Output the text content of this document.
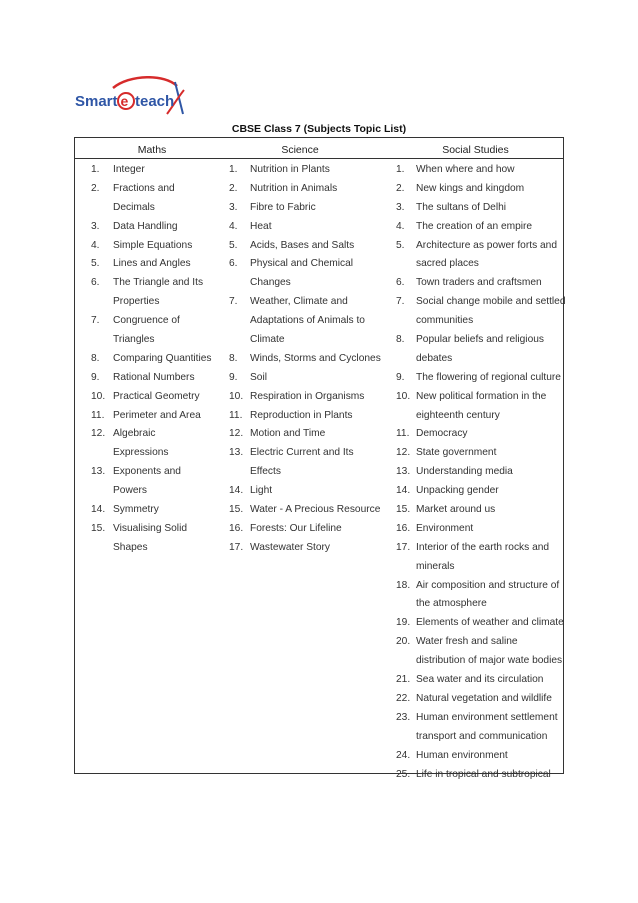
Smart e teach
CBSE Class 7 (Subjects Topic List)
Maths	Science	Social Studies
1. Integer
2. Fractions and
Decimals
3. Data Handling
4. Simple Equations
5. Lines and Angles
6. The Triangle and Its
Properties
7. Congruence of
Triangles
8. Comparing Quantities
9. Rational Numbers
10. Practical Geometry
11. Perimeter and Area
12. Algebraic
Expressions
13. Exponents and
Powers
14. Symmetry
15. Visualising Solid
Shapes
1. Nutrition in Plants
2. Nutrition in Animals
3. Fibre to Fabric
4. Heat
5. Acids, Bases and Salts
6. Physical and Chemical
Changes
7. Weather, Climate and
Adaptations of Animals to
Climate
8. Winds, Storms and Cyclones
9. Soil
10. Respiration in Organisms
11. Reproduction in Plants
12. Motion and Time
13. Electric Current and Its
Effects
14. Light
15. Water - A Precious Resource
16. Forests: Our Lifeline
17. Wastewater Story
1. When where and how
2. New kings and kingdom
3. The sultans of Delhi
4. The creation of an empire
5. Architecture as power forts and
sacred places
6. Town traders and craftsmen
7. Social change mobile and settled
communities
8. Popular beliefs and religious
debates
9. The flowering of regional culture
10. New political formation in the
eighteenth century
11. Democracy
12. State government
13. Understanding media
14. Unpacking gender
15. Market around us
16. Environment
17. Interior of the earth rocks and
minerals
18. Air composition and structure of
the atmosphere
19. Elements of weather and climate
20. Water fresh and saline
distribution of major wate bodies
21. Sea water and its circulation
22. Natural vegetation and wildlife
23. Human environment settlement
transport and communication
24. Human environment
25. Life in tropical and subtropical
